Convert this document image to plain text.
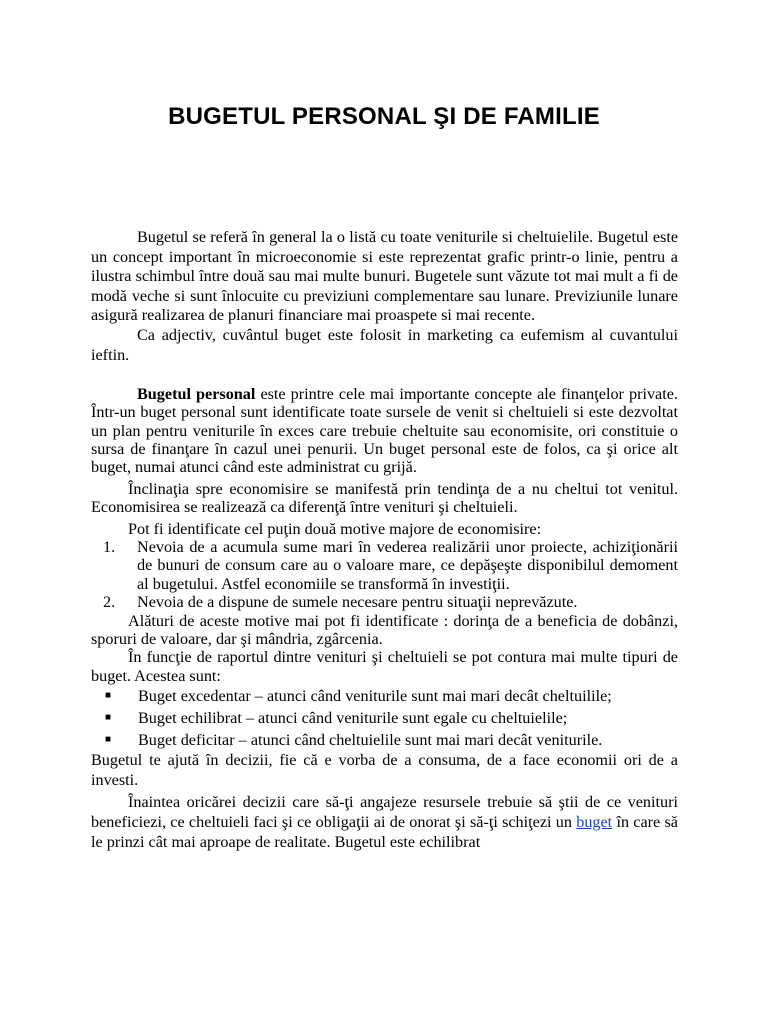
BUGETUL PERSONAL ŞI DE FAMILIE

Bugetul se referă în general la o listă cu toate veniturile si cheltuielile. Bugetul este un concept important în microeconomie si este reprezentat grafic printr-o linie, pentru a ilustra schimbul între două sau mai multe bunuri. Bugetele sunt văzute tot mai mult a fi de modă veche si sunt înlocuite cu previziuni complementare sau lunare. Previziunile lunare asigură realizarea de planuri financiare mai proaspete si mai recente.

Ca adjectiv, cuvântul buget este folosit in marketing ca eufemism al cuvantului ieftin.

Bugetul personal este printre cele mai importante concepte ale finanţelor private. Într-un buget personal sunt identificate toate sursele de venit si cheltuieli si este dezvoltat un plan pentru veniturile în exces care trebuie cheltuite sau economisite, ori constituie o sursa de finanţare în cazul unei penurii. Un buget personal este de folos, ca şi orice alt buget, numai atunci când este administrat cu grijă.

Înclinaţia spre economisire se manifestă prin tendinţa de a nu cheltui tot venitul. Economisirea se realizează ca diferenţă între venituri şi cheltuieli.

Pot fi identificate cel puţin două motive majore de economisire:

1. Nevoia de a acumula sume mari în vederea realizării unor proiecte, achiziţionării de bunuri de consum care au o valoare mare, ce depăşeşte disponibilul demoment al bugetului. Astfel economiile se transformă în investiţii.
2. Nevoia de a dispune de sumele necesare pentru situaţii neprevăzute.

Alături de aceste motive mai pot fi identificate : dorinţa de a beneficia de dobânzi, sporuri de valoare, dar şi mândria, zgârcenia.

În funcţie de raportul dintre venituri şi cheltuieli se pot contura mai multe tipuri de buget. Acestea sunt:

■ Buget excedentar – atunci când veniturile sunt mai mari decât cheltuilile;
■ Buget echilibrat – atunci când veniturile sunt egale cu cheltuielile;
■ Buget deficitar – atunci când cheltuielile sunt mai mari decât veniturile.

Bugetul te ajută în decizii, fie că e vorba de a consuma, de a face economii ori de a investi.

Înaintea oricărei decizii care să-ţi angajeze resursele trebuie să ştii de ce venituri beneficiezi, ce cheltuieli faci şi ce obligaţii ai de onorat şi să-ţi schiţezi un buget în care să le prinzi cât mai aproape de realitate. Bugetul este echilibrat
